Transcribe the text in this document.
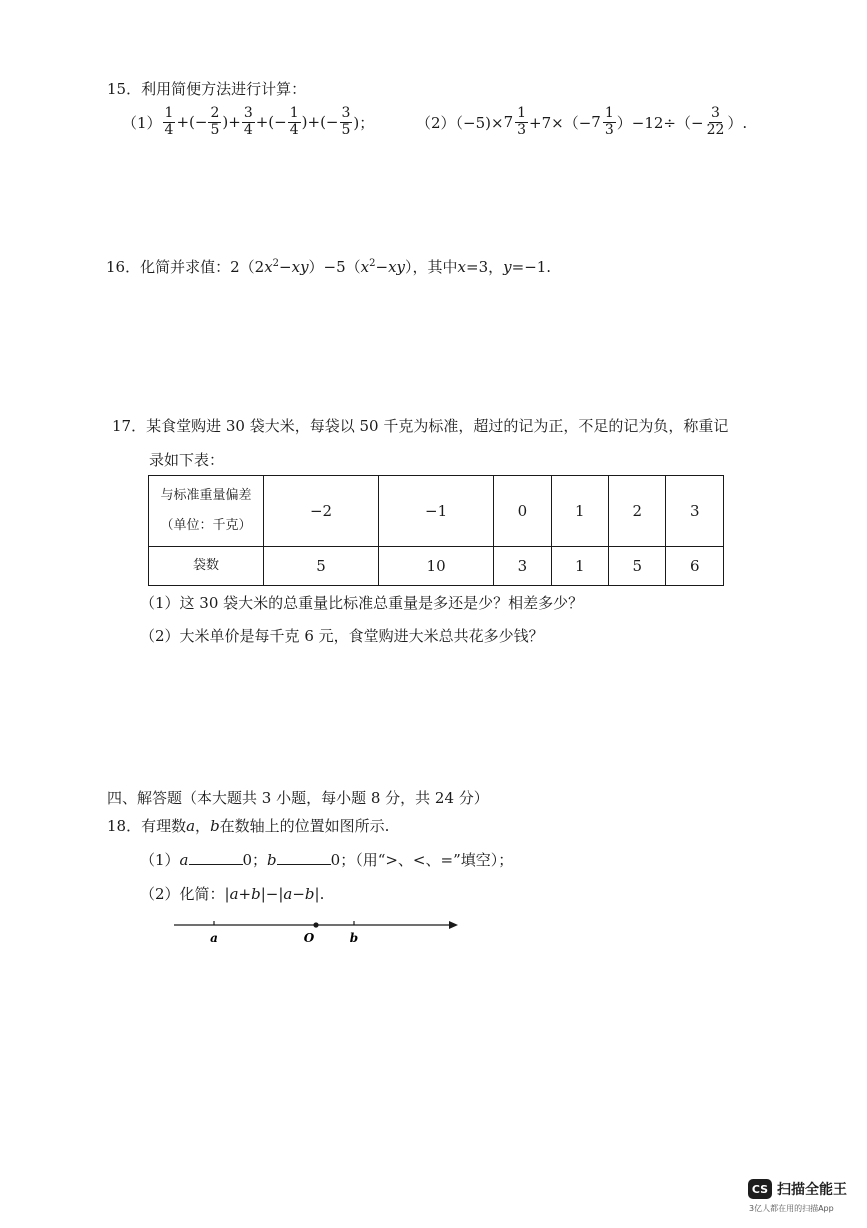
15．利用简便方法进行计算：
$(1) \frac{1}{4}$ +(− $\frac{2}{5}$ )+ $\frac{3}{4}$ +(− $\frac{1}{4}$ )+(− $\frac{3}{5}$ )；	$(2)(-5)\times 7 \frac{1}{3} +7\times(- 7 \frac{1}{3} )-12\div(- \frac{3}{22}$ ）.
16．化简并求值：$2(2x^2-xy)-5(x^2-xy)$，其中x=3，y=−1.
17．某食堂购进 30 袋大米，每袋以 50 千克为标准，超过的记为正，不足的记为负，称重记
录如下表：
与标准重量偏差
（单位：千克）	−2	−1	0	1	2	3
袋数	5	10	3	1	5	6
（1）这 30 袋大米的总重量比标准总重量是多还是少？相差多少？
（2）大米单价是每千克 6 元，食堂购进大米总共花多少钱？
四、解答题（本大题共 3 小题，每小题 8 分，共 24 分）
18．有理数a，b在数轴上的位置如图所示.
（1）a	0；b	0；（用“>、<、=”填空）；
（2）化简：|a+b|−|a−b|.
a	O	b
CS 扫描全能王
3亿人都在用的扫描App
